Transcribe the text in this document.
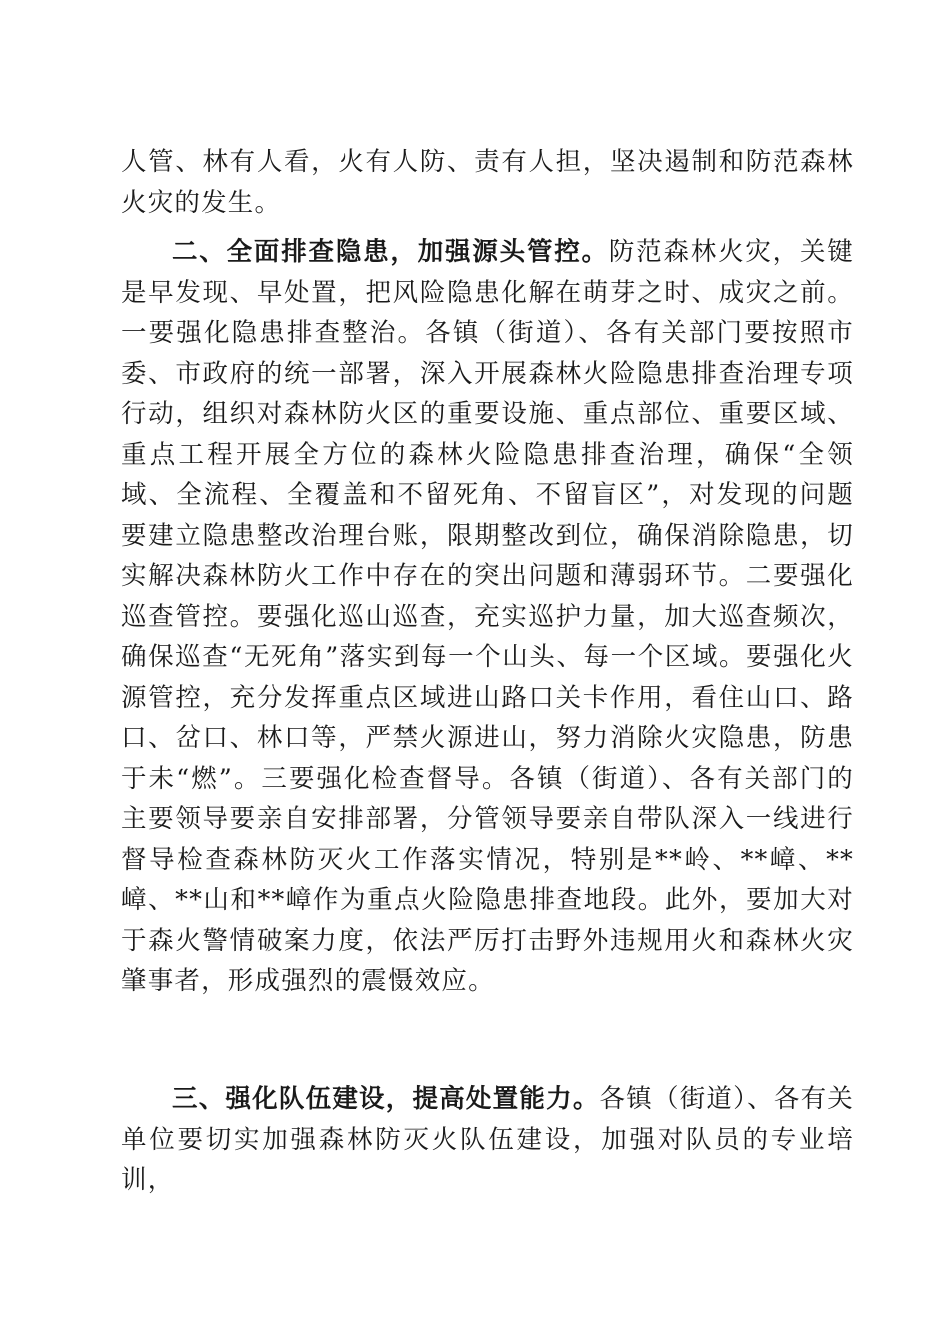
人管、林有人看，火有人防、责有人担，坚决遏制和防范森林火灾的发生。

二、全面排查隐患，加强源头管控。防范森林火灾，关键是早发现、早处置，把风险隐患化解在萌芽之时、成灾之前。一要强化隐患排查整治。各镇（街道）、各有关部门要按照市委、市政府的统一部署，深入开展森林火险隐患排查治理专项行动，组织对森林防火区的重要设施、重点部位、重要区域、重点工程开展全方位的森林火险隐患排查治理，确保“全领域、全流程、全覆盖和不留死角、不留盲区”，对发现的问题要建立隐患整改治理台账，限期整改到位，确保消除隐患，切实解决森林防火工作中存在的突出问题和薄弱环节。二要强化巡查管控。要强化巡山巡查，充实巡护力量，加大巡查频次，确保巡查“无死角”落实到每一个山头、每一个区域。要强化火源管控，充分发挥重点区域进山路口关卡作用，看住山口、路口、岔口、林口等，严禁火源进山，努力消除火灾隐患，防患于未“燃”。三要强化检查督导。各镇（街道）、各有关部门的主要领导要亲自安排部署，分管领导要亲自带队深入一线进行督导检查森林防灭火工作落实情况，特别是**岭、**嶂、**嶂、**山和**嶂作为重点火险隐患排查地段。此外，要加大对于森火警情破案力度，依法严厉打击野外违规用火和森林火灾肇事者，形成强烈的震慑效应。

三、强化队伍建设，提高处置能力。各镇（街道）、各有关单位要切实加强森林防灭火队伍建设，加强对队员的专业培训，
